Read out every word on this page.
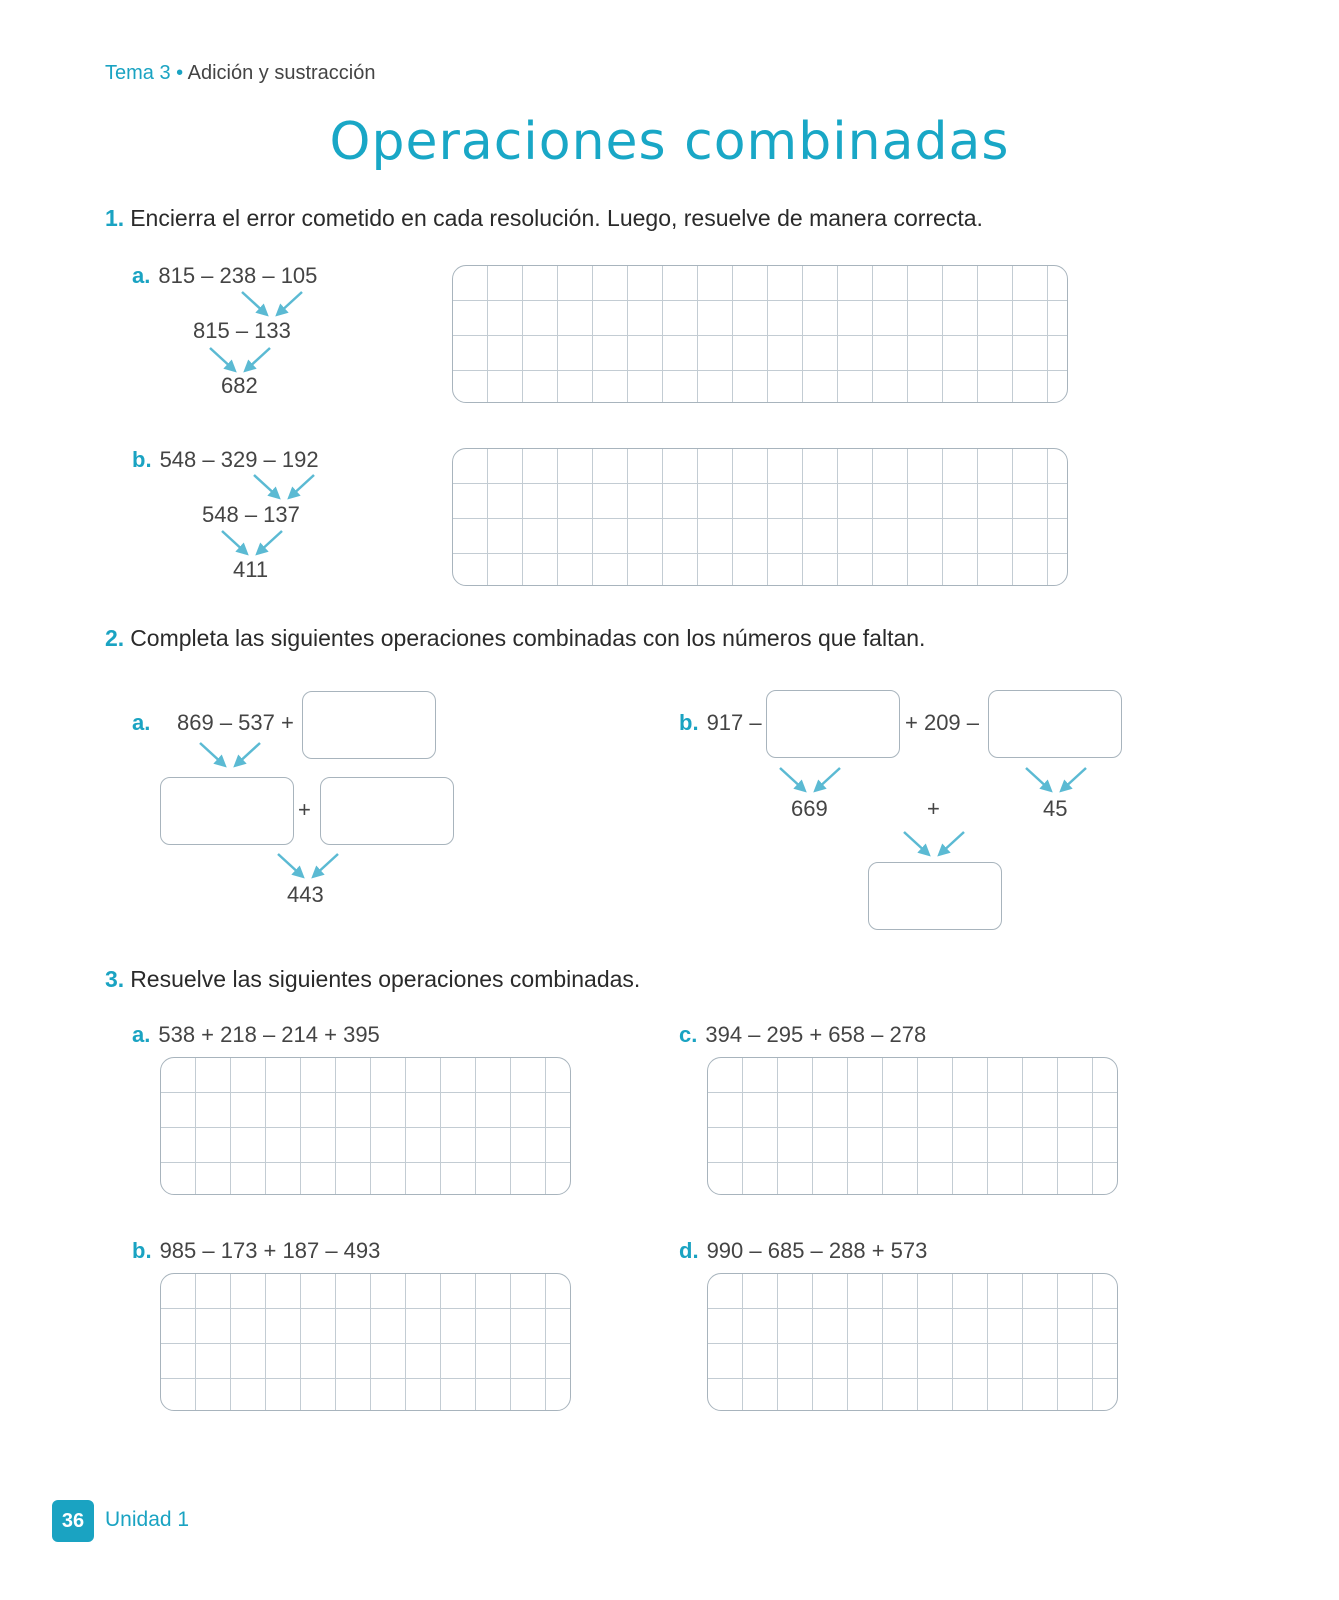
Tema 3 • Adición y sustracción
Operaciones combinadas
1. Encierra el error cometido en cada resolución. Luego, resuelve de manera correcta.
a. 815 – 238 – 105
815 – 133
682
b. 548 – 329 – 192
548 – 137
411
2. Completa las siguientes operaciones combinadas con los números que faltan.
a.	869 – 537 +
+
443
b. 917 –	+ 209 –
669	+	45
3. Resuelve las siguientes operaciones combinadas.
a. 538 + 218 – 214 + 395	c. 394 – 295 + 658 – 278
b. 985 – 173 + 187 – 493	d. 990 – 685 – 288 + 573
36 Unidad 1
